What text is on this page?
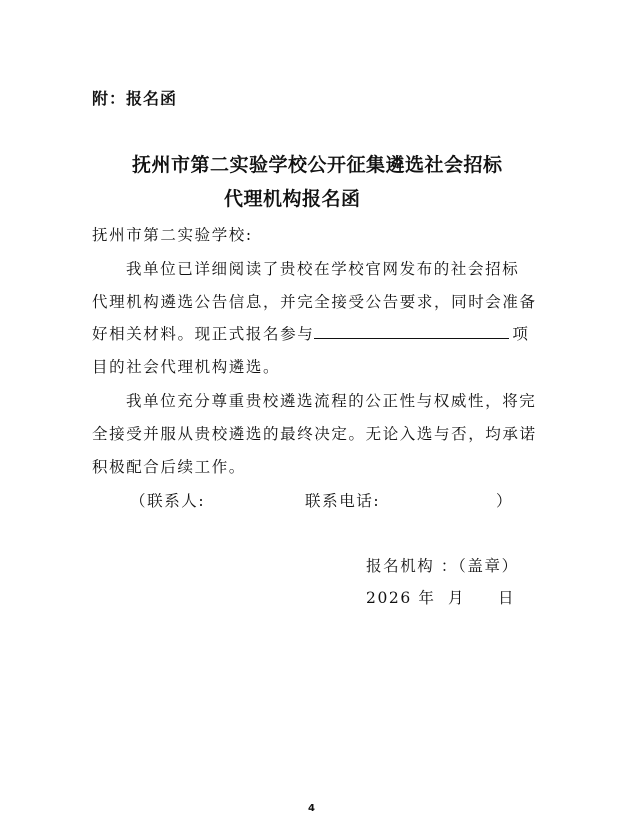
附：报名函
抚州市第二实验学校公开征集遴选社会招标
代理机构报名函
抚州市第二实验学校:
我单位已详细阅读了贵校在学校官网发布的社会招标
代理机构遴选公告信息，并完全接受公告要求，同时会准备
好相关材料。现正式报名参与	项
目的社会代理机构遴选。
我单位充分尊重贵校遴选流程的公正性与权威性，将完
全接受并服从贵校遴选的最终决定。无论入选与否，均承诺
积极配合后续工作。
（联系人:	联系电话:	）
报名机构 ：（盖章）
2026 年 月 日
4
